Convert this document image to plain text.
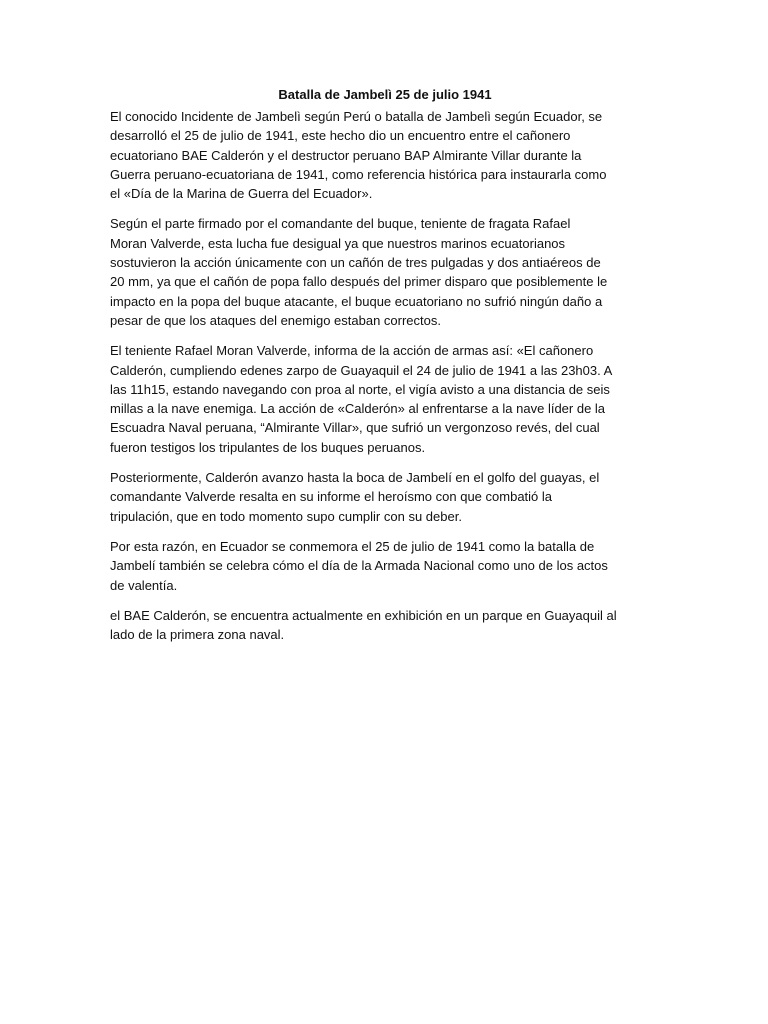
Batalla de Jambelì 25 de julio 1941

El conocido Incidente de Jambelì según Perú o batalla de Jambelì según Ecuador, se
desarrolló el 25 de julio de 1941, este hecho dio un encuentro entre el cañonero
ecuatoriano BAE Calderón y el destructor peruano BAP Almirante Villar durante la
Guerra peruano-ecuatoriana de 1941, como referencia histórica para instaurarla como
el «Día de la Marina de Guerra del Ecuador».

Según el parte firmado por el comandante del buque, teniente de fragata Rafael
Moran Valverde, esta lucha fue desigual ya que nuestros marinos ecuatorianos
sostuvieron la acción únicamente con un cañón de tres pulgadas y dos antiaéreos de
20 mm, ya que el cañón de popa fallo después del primer disparo que posiblemente le
impacto en la popa del buque atacante, el buque ecuatoriano no sufrió ningún daño a
pesar de que los ataques del enemigo estaban correctos.

El teniente Rafael Moran Valverde, informa de la acción de armas así: «El cañonero
Calderón, cumpliendo edenes zarpo de Guayaquil el 24 de julio de 1941 a las 23h03. A
las 11h15, estando navegando con proa al norte, el vigía avisto a una distancia de seis
millas a la nave enemiga. La acción de «Calderón» al enfrentarse a la nave líder de la
Escuadra Naval peruana, “Almirante Villar», que sufrió un vergonzoso revés, del cual
fueron testigos los tripulantes de los buques peruanos.

Posteriormente, Calderón avanzo hasta la boca de Jambelí en el golfo del guayas, el
comandante Valverde resalta en su informe el heroísmo con que combatió la
tripulación, que en todo momento supo cumplir con su deber.

Por esta razón, en Ecuador se conmemora el 25 de julio de 1941 como la batalla de
Jambelí también se celebra cómo el día de la Armada Nacional como uno de los actos
de valentía.

el BAE Calderón, se encuentra actualmente en exhibición en un parque en Guayaquil al
lado de la primera zona naval.
